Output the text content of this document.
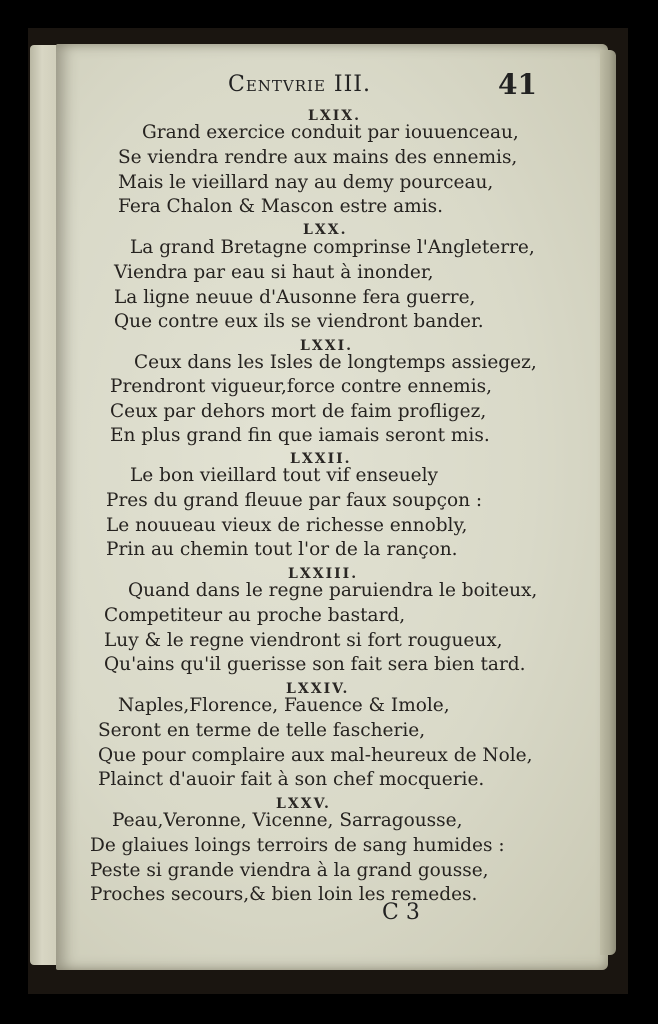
Centvrie III.	41
LXIX.
Grand exercice conduit par iouuenceau,
Se viendra rendre aux mains des ennemis,
Mais le vieillard nay au demy pourceau,
Fera Chalon & Mascon estre amis.
LXX.
La grand Bretagne comprinse l'Angleterre,
Viendra par eau si haut à inonder,
La ligne neuue d'Ausonne fera guerre,
Que contre eux ils se viendront bander.
LXXI.
Ceux dans les Isles de longtemps assiegez,
Prendront vigueur,force contre ennemis,
Ceux par dehors mort de faim profligez,
En plus grand fin que iamais seront mis.
LXXII.
Le bon vieillard tout vif enseuely
Pres du grand fleuue par faux soupçon :
Le nouueau vieux de richesse ennobly,
Prin au chemin tout l'or de la rançon.
LXXIII.
Quand dans le regne paruiendra le boiteux,
Competiteur au proche bastard,
Luy & le regne viendront si fort rougueux,
Qu'ains qu'il guerisse son fait sera bien tard.
LXXIV.
Naples,Florence, Fauence & Imole,
Seront en terme de telle fascherie,
Que pour complaire aux mal-heureux de Nole,
Plainct d'auoir fait à son chef mocquerie.
LXXV.
Peau,Veronne, Vicenne, Sarragousse,
De glaiues loings terroirs de sang humides :
Peste si grande viendra à la grand gousse,
Proches secours,& bien loin les remedes.
C 3
